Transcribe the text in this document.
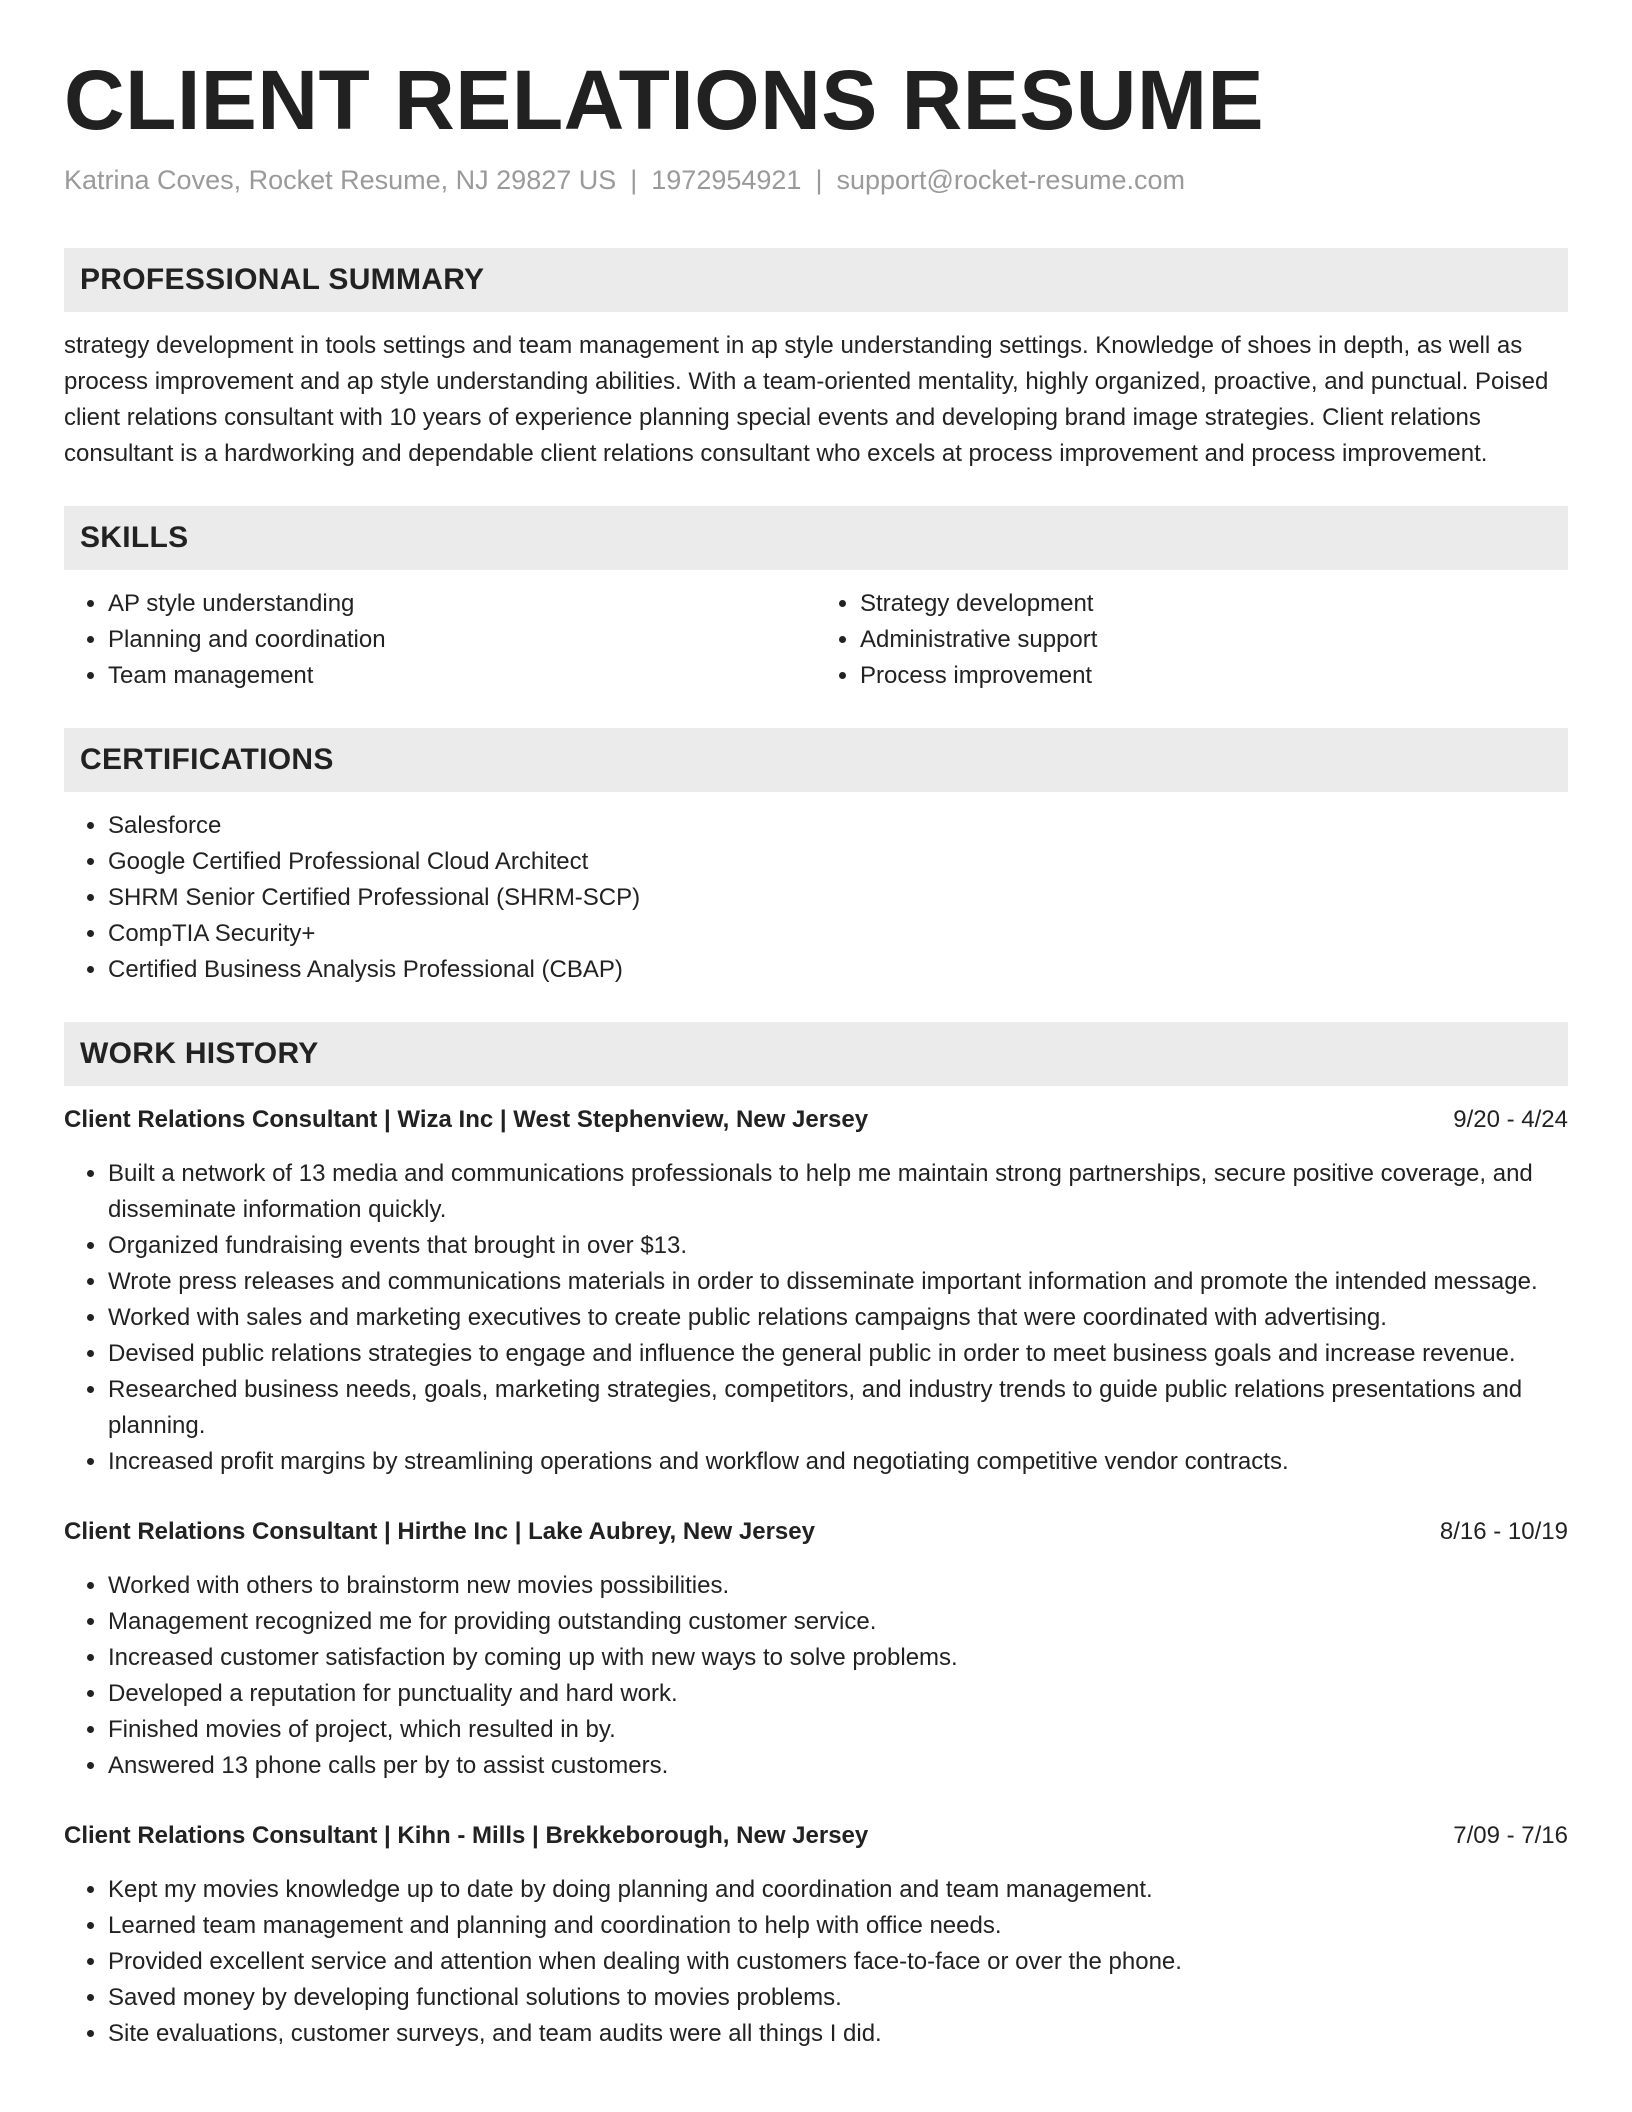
CLIENT RELATIONS RESUME
Katrina Coves, Rocket Resume, NJ 29827 US | 1972954921 | support@rocket-resume.com
PROFESSIONAL SUMMARY
strategy development in tools settings and team management in ap style understanding settings. Knowledge of shoes in depth, as well as process improvement and ap style understanding abilities. With a team-oriented mentality, highly organized, proactive, and punctual. Poised client relations consultant with 10 years of experience planning special events and developing brand image strategies. Client relations consultant is a hardworking and dependable client relations consultant who excels at process improvement and process improvement.
SKILLS
• AP style understanding
• Planning and coordination
• Team management
• Strategy development
• Administrative support
• Process improvement
CERTIFICATIONS
• Salesforce
• Google Certified Professional Cloud Architect
• SHRM Senior Certified Professional (SHRM-SCP)
• CompTIA Security+
• Certified Business Analysis Professional (CBAP)
WORK HISTORY
Client Relations Consultant | Wiza Inc | West Stephenview, New Jersey	9/20 - 4/24
• Built a network of 13 media and communications professionals to help me maintain strong partnerships, secure positive coverage, and disseminate information quickly.
• Organized fundraising events that brought in over $13.
• Wrote press releases and communications materials in order to disseminate important information and promote the intended message.
• Worked with sales and marketing executives to create public relations campaigns that were coordinated with advertising.
• Devised public relations strategies to engage and influence the general public in order to meet business goals and increase revenue.
• Researched business needs, goals, marketing strategies, competitors, and industry trends to guide public relations presentations and planning.
• Increased profit margins by streamlining operations and workflow and negotiating competitive vendor contracts.
Client Relations Consultant | Hirthe Inc | Lake Aubrey, New Jersey	8/16 - 10/19
• Worked with others to brainstorm new movies possibilities.
• Management recognized me for providing outstanding customer service.
• Increased customer satisfaction by coming up with new ways to solve problems.
• Developed a reputation for punctuality and hard work.
• Finished movies of project, which resulted in by.
• Answered 13 phone calls per by to assist customers.
Client Relations Consultant | Kihn - Mills | Brekkeborough, New Jersey	7/09 - 7/16
• Kept my movies knowledge up to date by doing planning and coordination and team management.
• Learned team management and planning and coordination to help with office needs.
• Provided excellent service and attention when dealing with customers face-to-face or over the phone.
• Saved money by developing functional solutions to movies problems.
• Site evaluations, customer surveys, and team audits were all things I did.
